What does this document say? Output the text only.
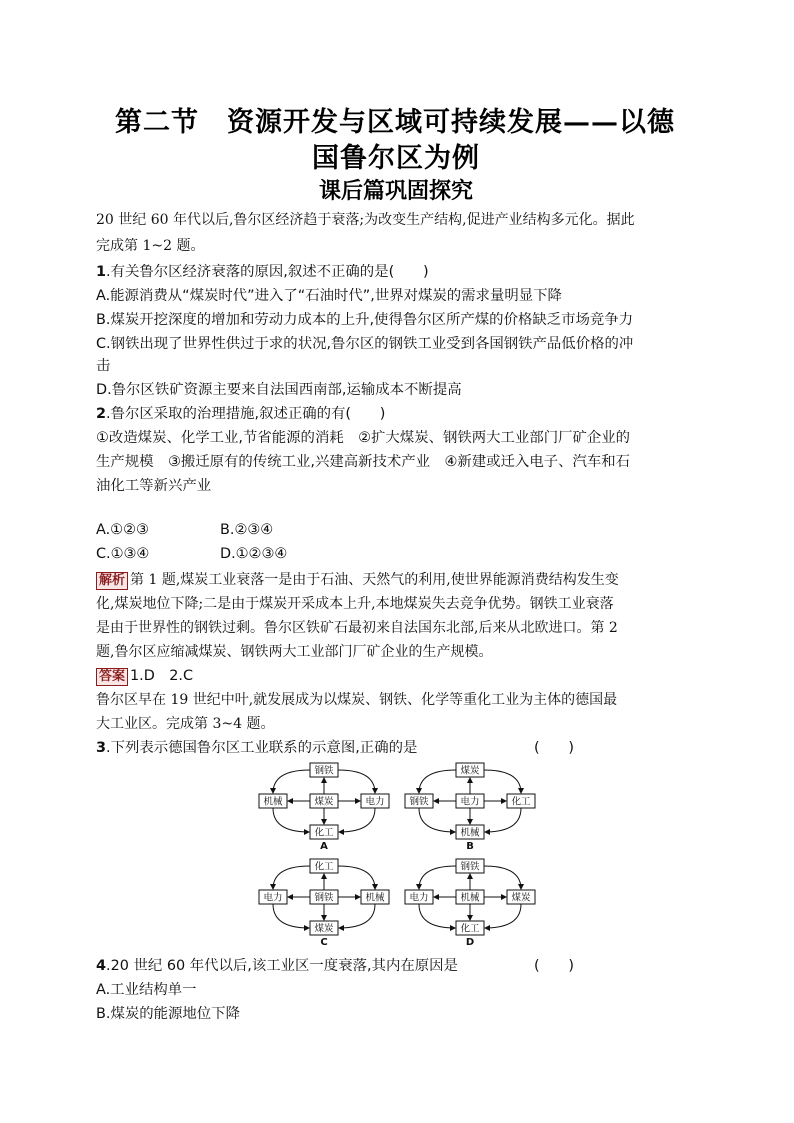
第二节　资源开发与区域可持续发展——以德
国鲁尔区为例
课后篇巩固探究
20 世纪 60 年代以后,鲁尔区经济趋于衰落;为改变生产结构,促进产业结构多元化。据此
完成第 1~2 题。
1.有关鲁尔区经济衰落的原因,叙述不正确的是(　　)
A.能源消费从“煤炭时代”进入了“石油时代”,世界对煤炭的需求量明显下降
B.煤炭开挖深度的增加和劳动力成本的上升,使得鲁尔区所产煤的价格缺乏市场竞争力
C.钢铁出现了世界性供过于求的状况,鲁尔区的钢铁工业受到各国钢铁产品低价格的冲
击
D.鲁尔区铁矿资源主要来自法国西南部,运输成本不断提高
2.鲁尔区采取的治理措施,叙述正确的有(　　)
①改造煤炭、化学工业,节省能源的消耗　②扩大煤炭、钢铁两大工业部门厂矿企业的
生产规模　③搬迁原有的传统工业,兴建高新技术产业　④新建或迁入电子、汽车和石
油化工等新兴产业
A.①②③	B.②③④
C.①③④	D.①②③④
解析 第 1 题,煤炭工业衰落一是由于石油、天然气的利用,使世界能源消费结构发生变
化,煤炭地位下降;二是由于煤炭开采成本上升,本地煤炭失去竞争优势。钢铁工业衰落
是由于世界性的钢铁过剩。鲁尔区铁矿石最初来自法国东北部,后来从北欧进口。第 2
题,鲁尔区应缩减煤炭、钢铁两大工业部门厂矿企业的生产规模。
答案 1.D　2.C
鲁尔区早在 19 世纪中叶,就发展成为以煤炭、钢铁、化学等重化工业为主体的德国最
大工业区。完成第 3~4 题。
3.下列表示德国鲁尔区工业联系的示意图,正确的是	(　　)
钢铁
机械	煤炭	电力
化工
A
煤炭
钢铁	电力	化工
机械
B
化工
电力	钢铁	机械
煤炭
C
钢铁
电力	机械	煤炭
化工
D
4.20 世纪 60 年代以后,该工业区一度衰落,其内在原因是	(　　)
A.工业结构单一
B.煤炭的能源地位下降
